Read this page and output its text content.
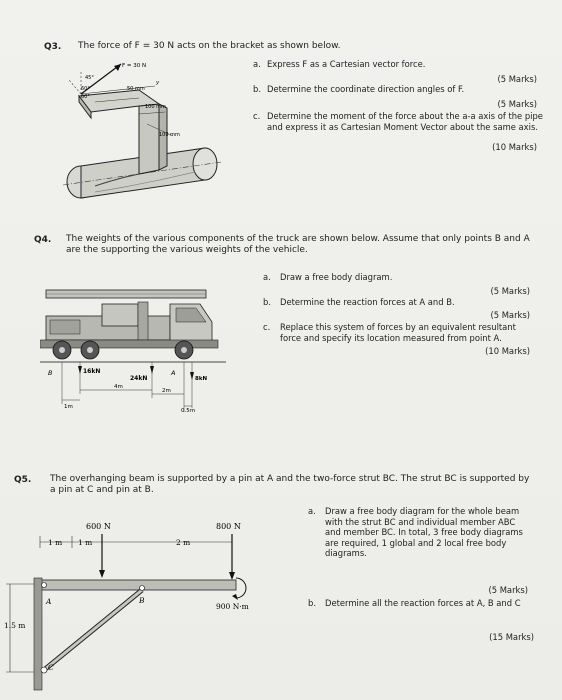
Q3. The force of F = 30 N acts on the bracket as shown below.
F = 30 N
45°
60°
60°
50 mm
100 mm
100 mm
y
a. Express F as a Cartesian vector force.
(5 Marks)
b. Determine the coordinate direction angles of F.
(5 Marks)
c. Determine the moment of the force about the a-a axis of the pipe and express it as Cartesian Moment Vector about the same axis.
(10 Marks)
Q4. The weights of the various components of the truck are shown below. Assume that only points B and A are the supporting the various weights of the vehicle.
B	A
16kN
24kN	8kN
4m
2m
1m
0.5m
a. Draw a free body diagram.
(5 Marks)
b. Determine the reaction forces at A and B.
(5 Marks)
c. Replace this system of forces by an equivalent resultant force and specify its location measured from point A.
(10 Marks)
Q5. The overhanging beam is supported by a pin at A and the two-force strut BC. The strut BC is supported by a pin at C and pin at B.
600 N	800 N
900 N·m
1 m 1 m	2 m
1.5 m
A	B
C
a. Draw a free body diagram for the whole beam with the strut BC and individual member ABC and member BC. In total, 3 free body diagrams are required, 1 global and 2 local free body diagrams.
(5 Marks)
b. Determine all the reaction forces at A, B and C
(15 Marks)
